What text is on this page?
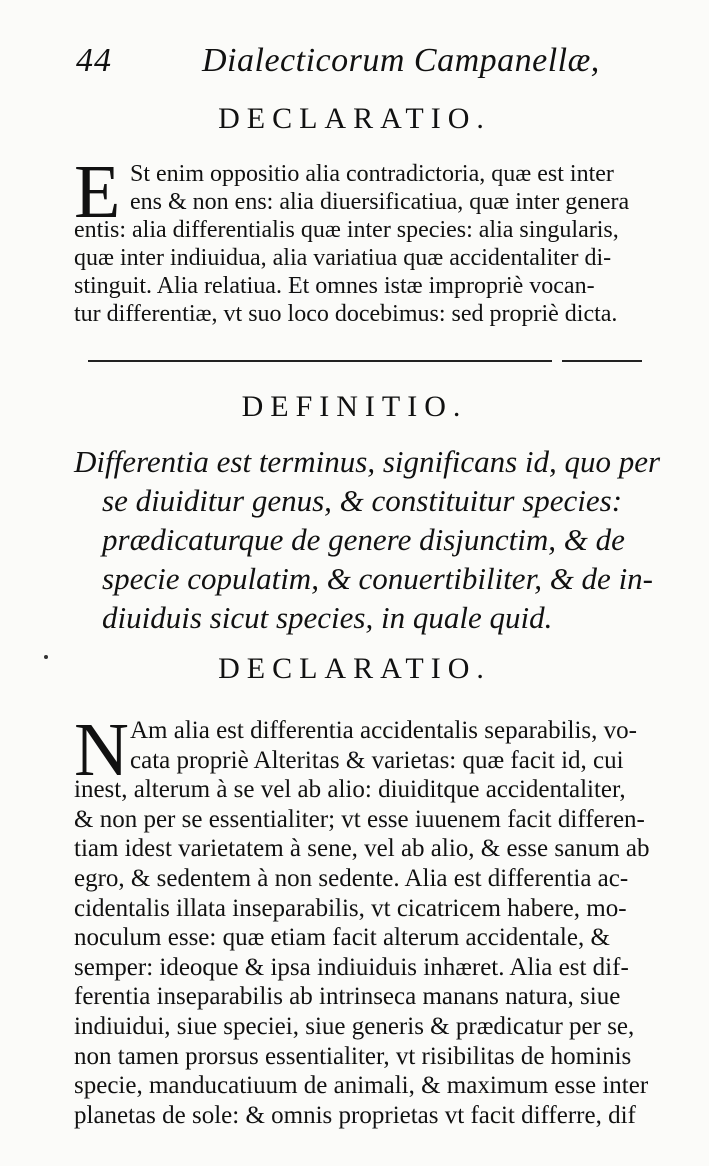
44	Dialecticorum Campanellæ,
DECLARATIO.
E St enim oppositio alia contradictoria, quæ est inter
ens & non ens: alia diuersificatiua, quæ inter genera
entis: alia differentialis quæ inter species: alia singularis,
quæ inter indiuidua, alia variatiua quæ accidentaliter di-
stinguit. Alia relatiua. Et omnes istæ impropriè vocan-
tur differentiæ, vt suo loco docebimus: sed propriè dicta.
DEFINITIO.
Differentia est terminus, significans id, quo per
se diuiditur genus, & constituitur species:
prædicaturque de genere disjunctim, & de
specie copulatim, & conuertibiliter, & de in-
diuiduis sicut species, in quale quid.
DECLARATIO.
N Am alia est differentia accidentalis separabilis, vo-
cata propriè Alteritas & varietas: quæ facit id, cui
inest, alterum à se vel ab alio: diuiditque accidentaliter,
& non per se essentialiter; vt esse iuuenem facit differen-
tiam idest varietatem à sene, vel ab alio, & esse sanum ab
egro, & sedentem à non sedente. Alia est differentia ac-
cidentalis illata inseparabilis, vt cicatricem habere, mo-
noculum esse: quæ etiam facit alterum accidentale, &
semper: ideoque & ipsa indiuiduis inhæret. Alia est dif-
ferentia inseparabilis ab intrinseca manans natura, siue
indiuidui, siue speciei, siue generis & prædicatur per se,
non tamen prorsus essentialiter, vt risibilitas de hominis
specie, manducatiuum de animali, & maximum esse inter
planetas de sole: & omnis proprietas vt facit differre, dif
